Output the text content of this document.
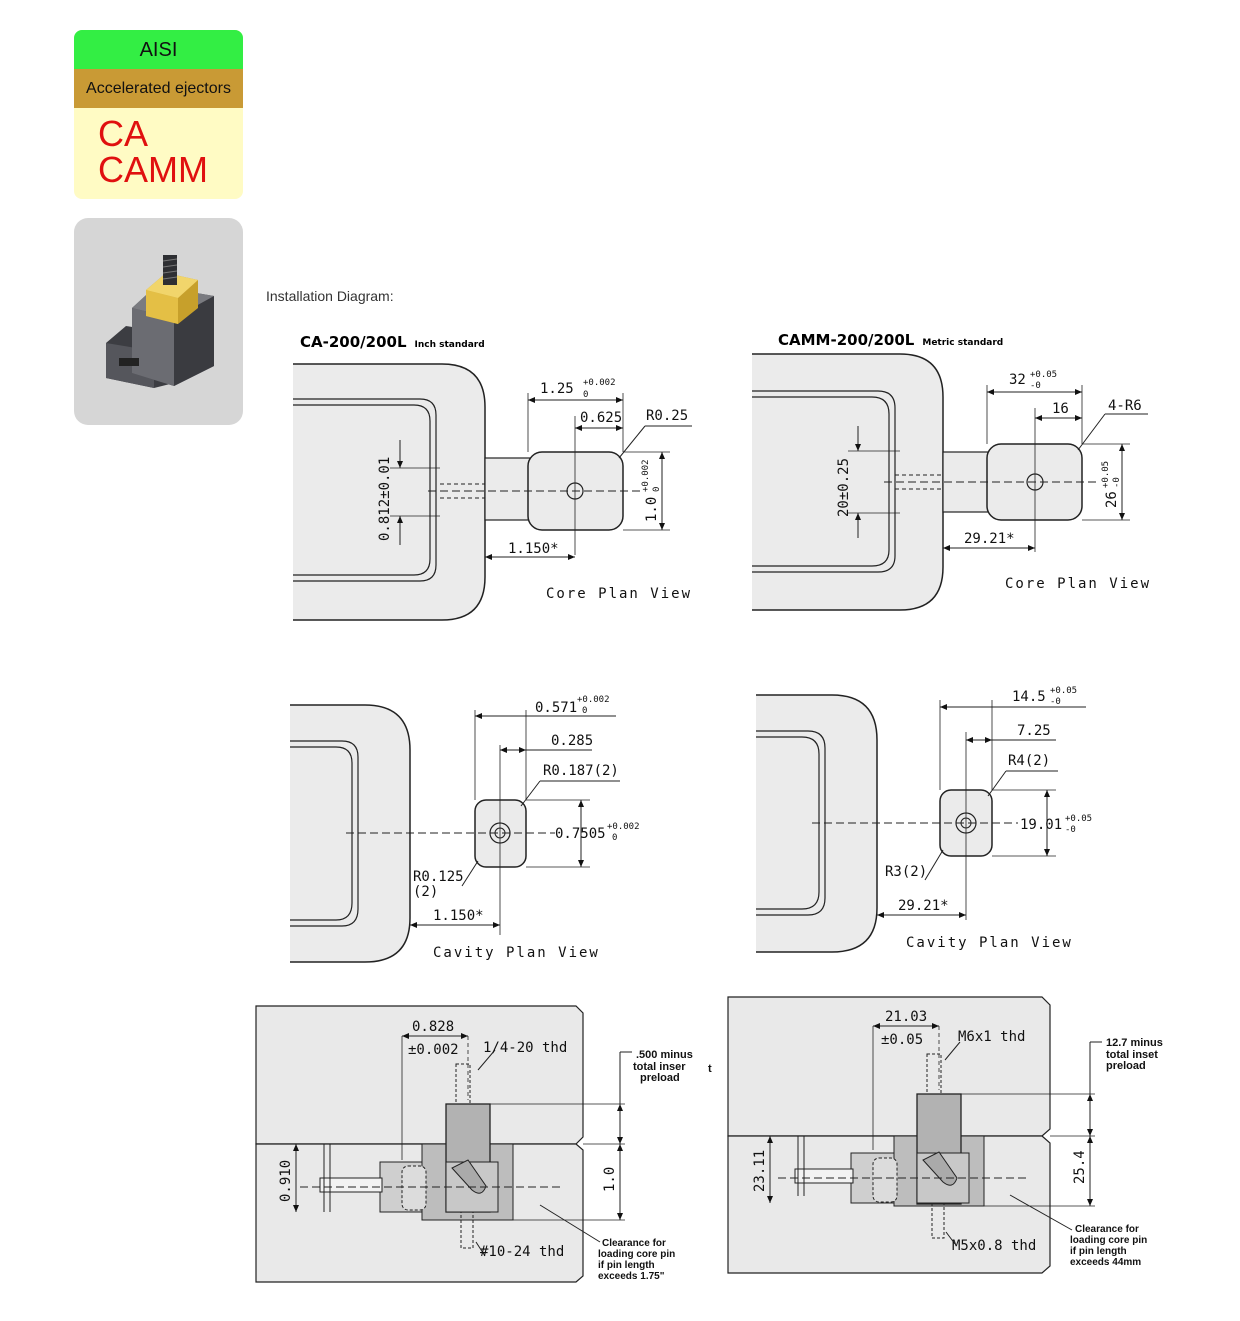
AISI
Accelerated ejectors
CA
CAMM
Installation Diagram:
CA-200/200L Inch standard	CAMM-200/200L Metric standard
1.25 +0.002
0
0.625 R0.25
1.150*
Core Plan View
0.812±0.01	1.0
+0.002 0
32 +0.05
-0
16	4-R6
29.21*
Core Plan View
20±0.25	26
+0.05 -0
0.571 +0.002
0
0.285
R0.187(2)
0.7505 +0.002
0
R0.125
(2)
1.150*
Cavity Plan View
14.5 +0.05
-0
7.25
R4(2)
19.01 +0.05
-0
R3(2)
29.21*
Cavity Plan View
0.828
±0.002 1/4-20 thd
#10-24 thd
.500 minus
total inser
preload
t
Clearance for
loading core pin
if pin length
exceeds 1.75"
0.910	1.0
21.03
±0.05 M6x1 thd
M5x0.8 thd
12.7 minus
total inset
preload
Clearance for
loading core pin
if pin length
exceeds 44mm
23.11	25.4
